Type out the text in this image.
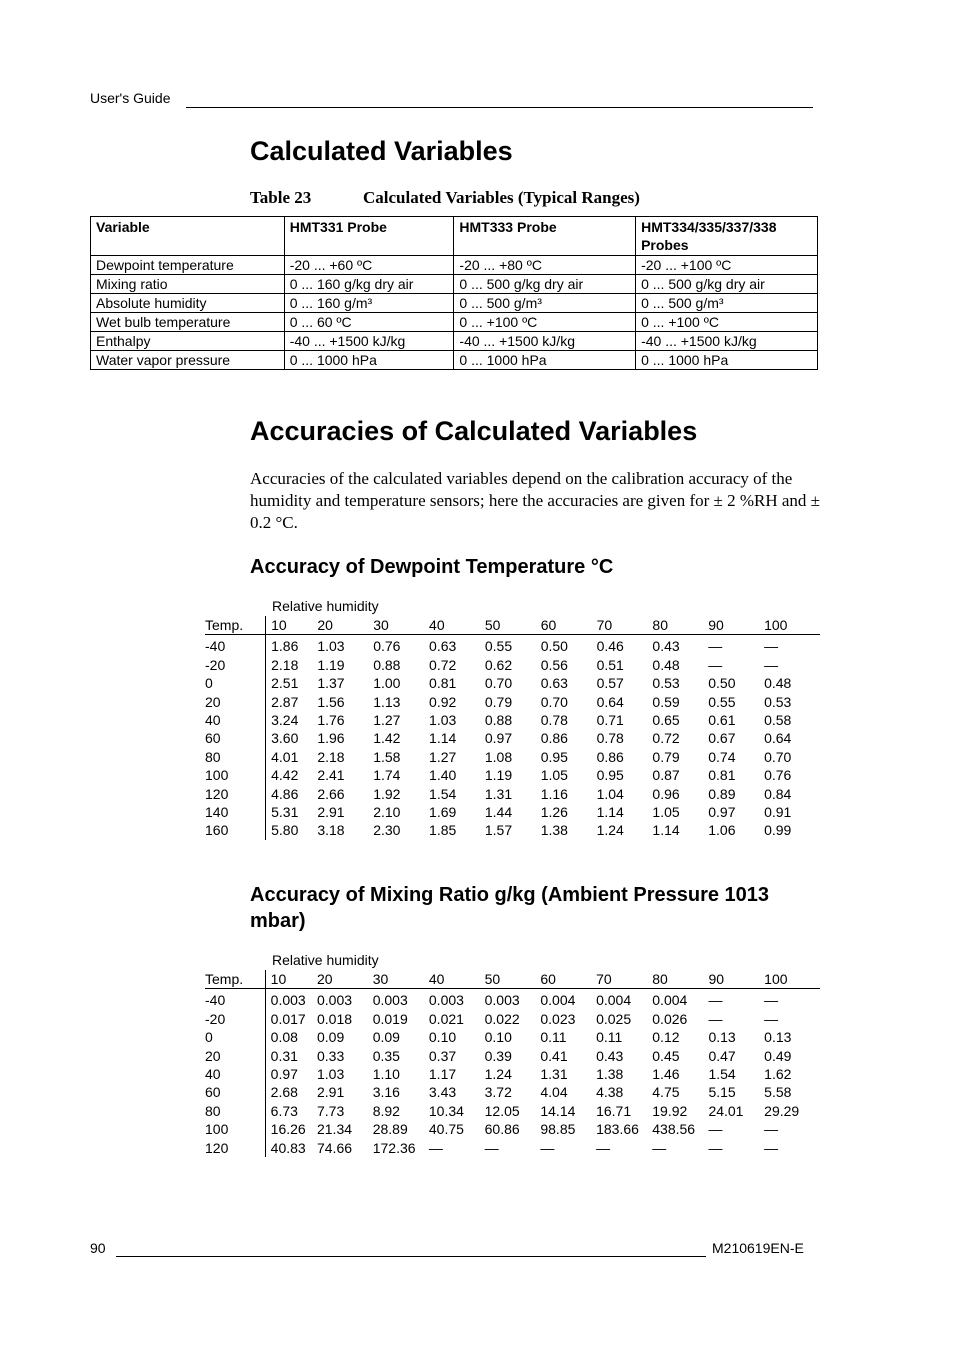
User's Guide
Calculated Variables
Table 23	Calculated Variables (Typical Ranges)
Variable	HMT331 Probe	HMT333 Probe	HMT334/335/337/338 Probes
Dewpoint temperature	-20 ... +60 ºC	-20 ... +80 ºC	-20 ... +100 ºC
Mixing ratio	0 ... 160 g/kg dry air	0 ... 500 g/kg dry air	0 ... 500 g/kg dry air
Absolute humidity	0 ... 160 g/m³	0 ... 500 g/m³	0 ... 500 g/m³
Wet bulb temperature	0 ... 60 ºC	0 ... +100 ºC	0 ... +100 ºC
Enthalpy	-40 ... +1500 kJ/kg	-40 ... +1500 kJ/kg	-40 ... +1500 kJ/kg
Water vapor pressure	0 ... 1000 hPa	0 ... 1000 hPa	0 ... 1000 hPa
Accuracies of Calculated Variables

Accuracies of the calculated variables depend on the calibration accuracy of the humidity and temperature sensors; here the accuracies are given for ± 2 %RH and ± 0.2 °C.

Accuracy of Dewpoint Temperature °C
Relative humidity
Temp.	10	20	30	40	50	60	70	80	90	100
-40	1.86	1.03	0.76	0.63	0.55	0.50	0.46	0.43	—	—
-20	2.18	1.19	0.88	0.72	0.62	0.56	0.51	0.48	—	—
0	2.51	1.37	1.00	0.81	0.70	0.63	0.57	0.53	0.50	0.48
20	2.87	1.56	1.13	0.92	0.79	0.70	0.64	0.59	0.55	0.53
40	3.24	1.76	1.27	1.03	0.88	0.78	0.71	0.65	0.61	0.58
60	3.60	1.96	1.42	1.14	0.97	0.86	0.78	0.72	0.67	0.64
80	4.01	2.18	1.58	1.27	1.08	0.95	0.86	0.79	0.74	0.70
100	4.42	2.41	1.74	1.40	1.19	1.05	0.95	0.87	0.81	0.76
120	4.86	2.66	1.92	1.54	1.31	1.16	1.04	0.96	0.89	0.84
140	5.31	2.91	2.10	1.69	1.44	1.26	1.14	1.05	0.97	0.91
160	5.80	3.18	2.30	1.85	1.57	1.38	1.24	1.14	1.06	0.99
Accuracy of Mixing Ratio g/kg (Ambient Pressure 1013 mbar)
Relative humidity
Temp.	10	20	30	40	50	60	70	80	90	100
-40	0.003	0.003	0.003	0.003	0.003	0.004	0.004	0.004	—	—
-20	0.017	0.018	0.019	0.021	0.022	0.023	0.025	0.026	—	—
0	0.08	0.09	0.09	0.10	0.10	0.11	0.11	0.12	0.13	0.13
20	0.31	0.33	0.35	0.37	0.39	0.41	0.43	0.45	0.47	0.49
40	0.97	1.03	1.10	1.17	1.24	1.31	1.38	1.46	1.54	1.62
60	2.68	2.91	3.16	3.43	3.72	4.04	4.38	4.75	5.15	5.58
80	6.73	7.73	8.92	10.34	12.05	14.14	16.71	19.92	24.01	29.29
100	16.26	21.34	28.89	40.75	60.86	98.85	183.66	438.56	—	—
120	40.83	74.66	172.36	—	—	—	—	—	—	—
90	M210619EN-E
